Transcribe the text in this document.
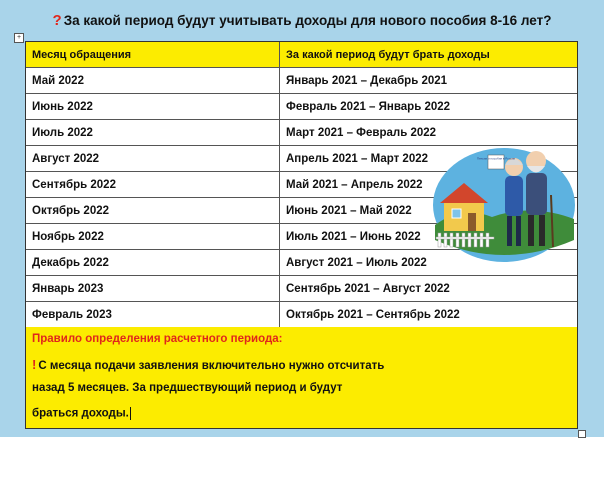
? За какой период будут учитывать доходы для нового пособия 8-16 лет?
+
Месяц обращения	За какой период будут брать доходы
Май 2022	Январь 2021 – Декабрь 2021
Июнь 2022	Февраль 2021 – Январь 2022
Июль 2022	Март 2021 – Февраль 2022
Август 2022	Апрель 2021 – Март 2022
Сентябрь 2022	Май 2021 – Апрель 2022
Октябрь 2022	Июнь 2021 – Май 2022
Ноябрь 2022	Июль 2021 – Июнь 2022
Декабрь 2022	Август 2021 – Июль 2022
Январь 2023	Сентябрь 2021 – Август 2022
Февраль 2023	Октябрь 2021 – Сентябрь 2022
Правило определения расчетного периода:
! С месяца подачи заявления включительно нужно отсчитать
назад 5 месяцев. За предшествующий период и будут
браться доходы.
Пенсии и пособия в России
